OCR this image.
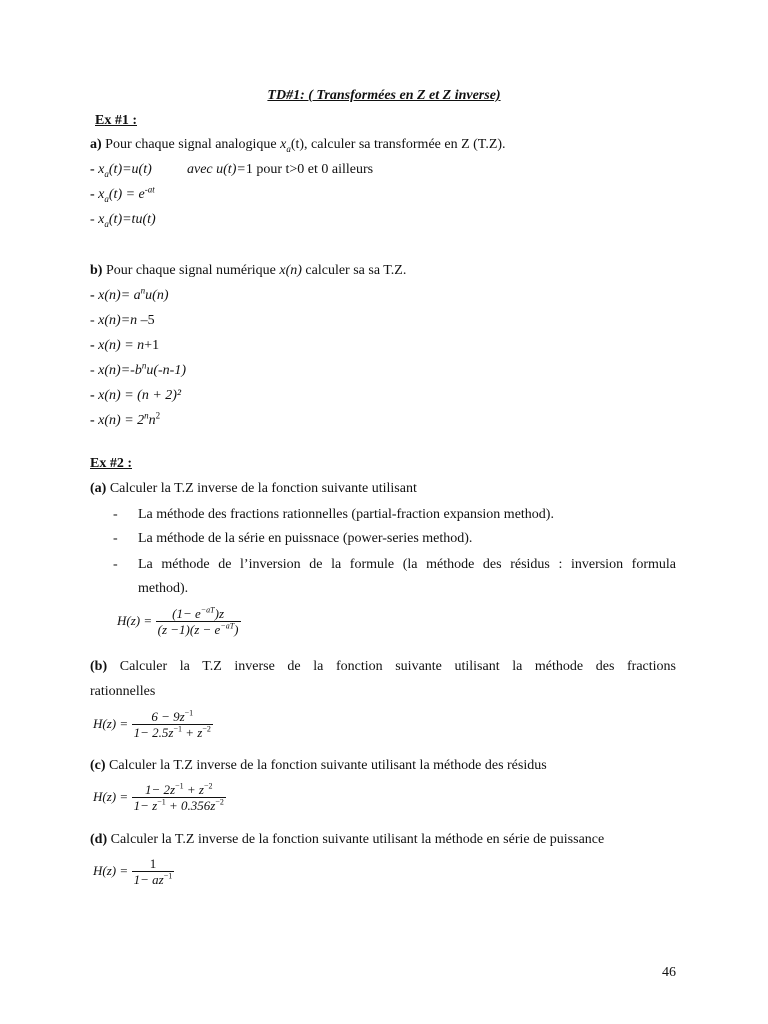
TD#1: ( Transformées en Z et Z inverse)
Ex #1 :
a) Pour chaque signal analogique $x_a(t)$, calculer sa transformée en Z (T.Z).
- $x_a(t)=u(t)$	avec u(t)=1 pour t>0 et 0 ailleurs
- $x_a(t) = e^{-at}$
- $x_a(t)=tu(t)$
b) Pour chaque signal numérique x(n) calculer sa sa T.Z.
- $x(n)= a^nu(n)$
- x(n)=n –5
- x(n) = n+1
- $x(n)=-b^nu(-n-1)$
- x(n) = (n + 2)²
- $x(n) = 2^nn^2$
Ex #2 :
(a) Calculer la T.Z inverse de la fonction suivante utilisant
- La méthode des fractions rationnelles (partial-fraction expansion method).
- La méthode de la série en puissnace (power-series method).
- La méthode de l’inversion de la formule (la méthode des résidus : inversion formula
method).
$H(z) = \frac{(1- e^{-aT})z}{(z -1)(z - e^{-aT})}$
(b) Calculer la T.Z inverse de la fonction suivante utilisant la méthode des fractions
rationnelles
$H(z) = \frac{6 - 9z^{-1}}{1- 2.5z^{-1} + z^{-2}}$
(c) Calculer la T.Z inverse de la fonction suivante utilisant la méthode des résidus
$H(z) = \frac{1- 2z^{-1} + z^{-2}}{1- z^{-1} + 0.356z^{-2}}$
(d) Calculer la T.Z inverse de la fonction suivante utilisant la méthode en série de puissance
$H(z) = \frac{1}{1- az^{-1}}$
46
